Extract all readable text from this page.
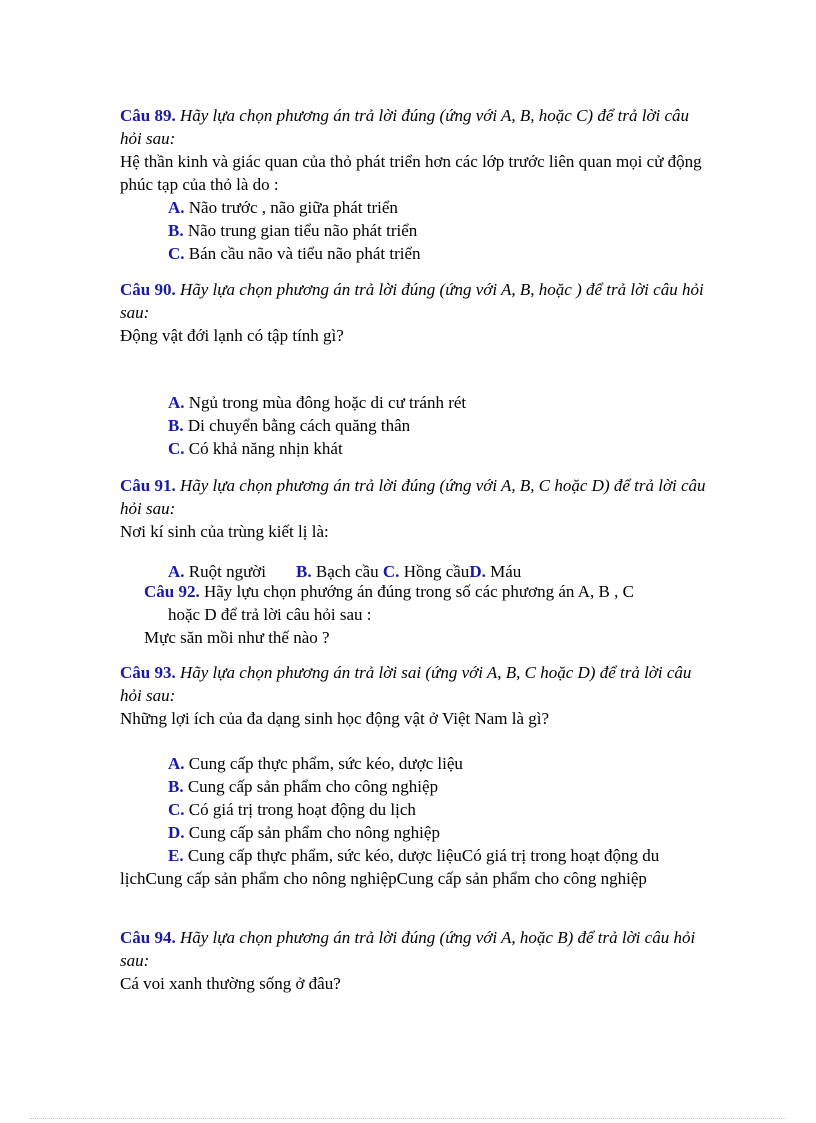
Câu 89. Hãy lựa chọn phương án trả lời đúng (ứng với A, B, hoặc C) để trả lời câu hỏi sau:

Hệ thần kinh và giác quan của thỏ phát triển hơn các lớp trước liên quan mọi cử động phúc tạp của thỏ là do :

A. Não trước , não giữa phát triển

B. Não trung gian tiểu não phát triển

C. Bán cầu não và tiểu não phát triển

Câu 90. Hãy lựa chọn phương án trả lời đúng (ứng với A, B, hoặc ) để trả lời câu hỏi sau:

Động vật đới lạnh có tập tính gì?

A. Ngủ trong mùa đông hoặc di cư tránh rét

B. Di chuyển bằng cách quăng thân

C. Có khả năng nhịn khát

Câu 91. Hãy lựa chọn phương án trả lời đúng (ứng với A, B, C hoặc D) để trả lời câu hỏi sau:

Nơi kí sinh của trùng kiết lị là:

A. Ruột người B. Bạch cầu C. Hồng cầuD. Máu

Câu 92. Hãy lựu chọn phướng án đúng trong số các phương án A, B , C

hoặc D để trả lời câu hỏi sau :

Mực săn mồi như thế nào ?

Câu 93. Hãy lựa chọn phương án trả lời sai (ứng với A, B, C hoặc D) để trả lời câu hỏi sau:

Những lợi ích của đa dạng sinh học động vật ở Việt Nam là gì?

A. Cung cấp thực phẩm, sức kéo, dược liệu

B. Cung cấp sản phẩm cho công nghiệp

C. Có giá trị trong hoạt động du lịch

D. Cung cấp sản phẩm cho nông nghiệp

E. Cung cấp thực phẩm, sức kéo, dược liệuCó giá trị trong hoạt động du lịchCung cấp sản phẩm cho nông nghiệpCung cấp sản phẩm cho công nghiệp

Câu 94. Hãy lựa chọn phương án trả lời đúng (ứng với A, hoặc B) để trả lời câu hỏi sau:

Cá voi xanh thường sống ở đâu?
